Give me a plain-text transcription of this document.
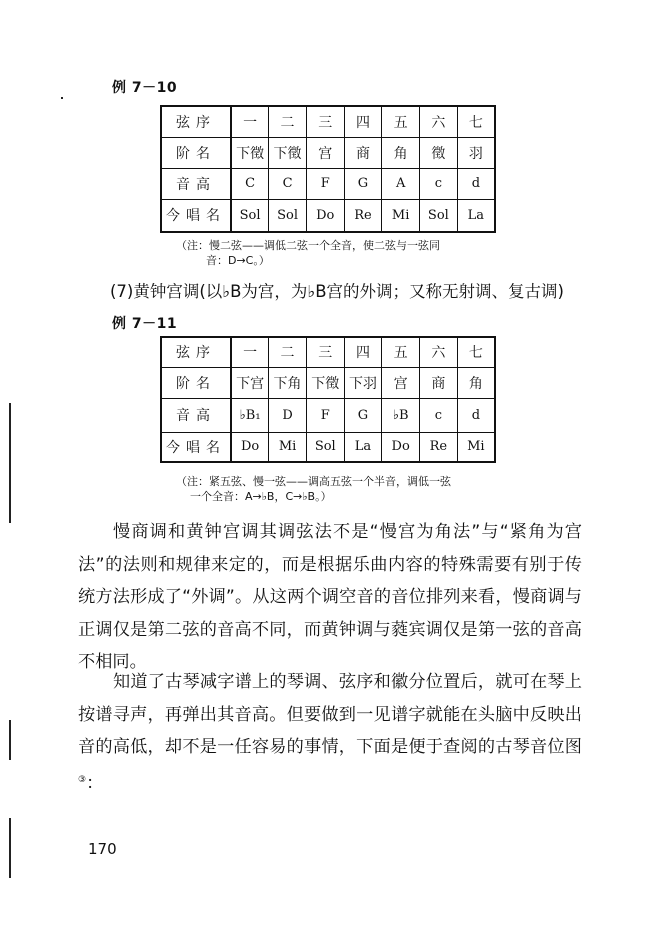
例 7－10
弦序	一	二	三	四	五	六	七
阶名	下徵	下徵	宫	商	角	徵	羽
音高	C	C	F	G	A	c	d
今唱名	Sol	Sol	Do	Re	Mi	Sol	La
（注：慢二弦——调低二弦一个全音，使二弦与一弦同
音：D→C。）
(7)黄钟宫调(以♭B为宫，为♭B宫的外调；又称无射调、复古调)
例 7－11
弦序	一	二	三	四	五	六	七
阶名	下宫	下角	下徵	下羽	宫	商	角
音高	♭B₁	D	F	G	♭B	c	d
今唱名	Do	Mi	Sol	La	Do	Re	Mi
（注：紧五弦、慢一弦——调高五弦一个半音，调低一弦
一个全音：A→♭B，C→♭B。）

慢商调和黄钟宫调其调弦法不是“慢宫为角法”与“紧角为宫法”的法则和规律来定的，而是根据乐曲内容的特殊需要有别于传统方法形成了“外调”。从这两个调空音的音位排列来看，慢商调与正调仅是第二弦的音高不同，而黄钟调与蕤宾调仅是第一弦的音高不相同。

知道了古琴减字谱上的琴调、弦序和徽分位置后，就可在琴上按谱寻声，再弹出其音高。但要做到一见谱字就能在头脑中反映出音的高低，却不是一任容易的事情，下面是便于查阅的古琴音位图③：

170
